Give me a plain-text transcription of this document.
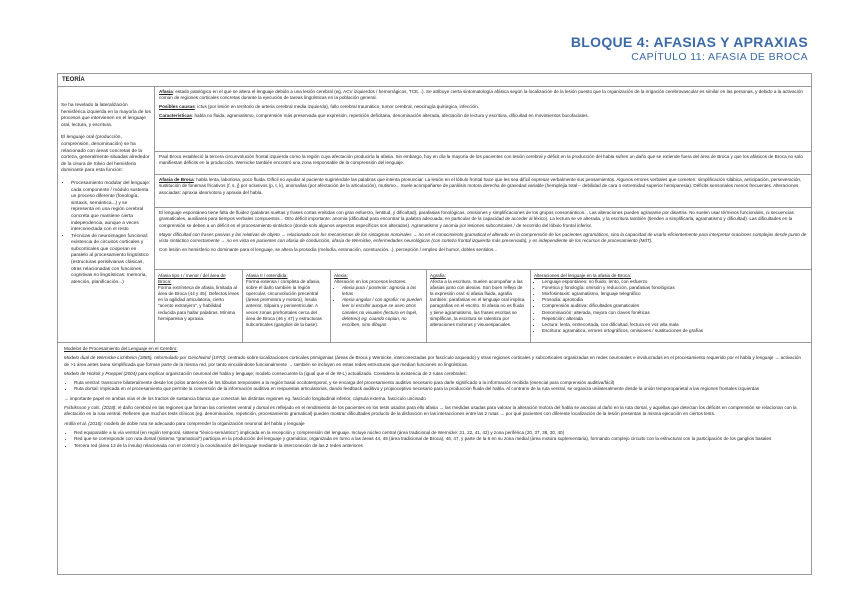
BLOQUE 4: AFASIAS Y APRAXIAS
CAPÍTULO 11: AFASIA DE BROCA
TEORÍA

Se ha revelado la lateralización hemisférica izquierda en la mayoría de los procesos que intervienen en el lenguaje oral, lectura, y escritura.

El lenguaje oral (producción, comprensión, denominación) se ha relacionado con áreas concretas de la corteza, generalmente situadas alrededor de la cisura de Silvio del hemisferio dominante para esta función:

• Procesamiento modular del lenguaje: cada componente / módulo sustenta un proceso diferente (fonología, sintaxis, semántica...) y se representa en una región cerebral concreta que mantiene cierta independencia, aunque a veces interconectada con el resto
• Técnicas de neuroimagen funcional: existencia de circuitos corticales y subcorticales que cooperan en paralelo al procesamiento lingüístico (estructuras perisilvianas clásicas, otras relacionadas con funciones cognitivas no lingüísticas: memoria, atención, planificación...)

Afasia: estado patológico en el que se altera el lenguaje debido a una lesión cerebral (eg. ACV izquierdos / hemorrágicos, TCE...). Se atribuye cierta sintomatología afásica según la localización de la lesión puesto que la organización de la irrigación cerebrovascular es similar en las personas, y debido a la activación común de regiones corticales concretas durante la ejecución de tareas lingüísticas en la población general.

Posibles causas: ictus (por lesión en territorio de arteria cerebral media izquierda), fallo cerebral traumático, tumor cerebral, neocirugía quirúrgica, infección.

Características: habla no fluida, agramatismo, comprensión más preservada que expresión, repetición deficitaria, denominación alterada, afectación de lectura y escritura, dificultad en movimientos bucofaciales.

Paul Broca estableció la tercera circunvolución frontal izquierda como la región cuya afectación produciría la afasia. Sin embargo, hoy en día la mayoría de los pacientes con lesión cerebral y déficit en la producción del habla sufren un daño que se extiende fuera del área de Broca y que los afásicos de Broca no solo manifiestan déficits en la producción. Wernicke también encontró una zona responsable de la comprensión del lenguaje.

Afasia de Broca: habla lenta, laboriosa, poco fluida. Difícil no ayudar al paciente sugiriéndole las palabras que intenta pronunciar. La lesión en el lóbulo frontal hace que les sea difícil expresar verbalmente sus pensamientos. Algunos errores verbales que cometen: simplificación silábica, anticipación, perseveración, sustitución de fonemas fricativos (f, s, j) por oclusivos (p, t, k), anomalías (por afectación de la articulación), mutismo... Suele acompañarse de parálisis motora derecha de gravedad variable (hemiplejia total – debilidad de cara o extremidad superior hemiparesia). Déficits sensoriales menos frecuentes. Alteraciones asociadas: apraxia ideomotora y apraxia del habla.

El lenguaje espontáneo tiene falta de fluidez (palabras sueltas y frases cortas emitidas con gran esfuerzo, lentitud, y dificultad), parafasias fonológicas, omisiones y simplificaciones de los grupos consonánticos... Las alteraciones pueden agravarse por disartria. No suelen usar términos funcionales, ni secuencias gramaticales, auxiliares para tiempos verbales compuestos... Otro déficit importante: anomia (dificultad para encontrar la palabra adecuada, en particular de la capacidad de acceder al léxico). La lectura se ve alterada, y la escritura también (tienden a simplificarla, agramatismo y dificultad). Las dificultades en la comprensión se deben a un déficit en el procesamiento sintáctico (donde solo algunos aspectos específicos son alterados). Agramatismo y anomia por lesiones subcorticales / de recorrido del lóbulo frontal inferior.

Mayor dificultad con frases pasivas y las relativas de objeto → relacionado con los mecanismos de los sintagmas nominales → no en el conocimiento gramatical el alterado en la comprensión de los pacientes agramáticos, sino la capacidad de usarlo eficientemente para interpretar oraciones complejas desde punto de vista sintáctico correctamente → no en vista en pacientes con afasia de conducción, afasia de Wernicke, enfermedades neurológicas (con corteza frontal izquierda más preservada), y es independiente de los recursos de procesamiento (MdT).

Con lesión en hemisferio no dominante para el lenguaje, se altera la prosodia (melodía, entonación, acentuación...), percepción / empleo del humor, dobles sentidos...

Afasia tipo I / menor / del área de Broca:
Forma extrínseca de afasia, limitada al área de Broca (44 y 45). Defectos leves en la agilidad articulatoria, cierto "acento extranjero", y habilidad reducida para hallar palabras. Mínima hemiparesia y apraxia.
Afasia II / extendida:
Forma extensa / completa de afasia, sobre el daño también la región opercular, circunvolución precentral (áreas premotora y motora), ínsula anterior, Silpaira y periventricular. A veces zonas prefrontales cerca del área de Broca (46 y 47) y estructuras subcorticales (ganglios de la base).
Alexia:
Alteración en los procesos lectores.
• Alexia pura / posterior: agnosia a las letras
• Alexia angular / con agrafia: no pueden leer ni escribir aunque se usen otros canales no visuales (lectura en lapel, deletreo) eg. cuando copian, no escriben, sino dibujan
Agrafia:
Afecta a la escritura. Suelen acompañar a las afasias junto con alexias. Son buen reflejo de la expresión oral: si afasia fluida, agrafia también; parafasias en el lenguaje oral implica paragrafias en el escrito. Si afasia no es fluida y tiene agramatismo, las frases escritas se simplifican, la escritura se ralentiza por alteraciones motoras y visuoespaciales.
Alteraciones del lenguaje en la afasia de Broca:
• Lenguaje espontáneo: no fluido, lento, con esfuerzo
• Fonética y fonología: omisión y reducción, parafasias fonológicas
• Morfosintaxis: agramatismo, lenguaje telegráfico
• Prosodia: aprosodia
• Comprensión auditiva: dificultades gramaticales
• Denominación: alterada, mejora con claves fonéticas
• Repetición: alterada
• Lectura: lenta, entrecortada, con dificultad, lectura en voz alta mala
• Escritura: agramática, errores ortográficos, omisiones / sustituciones de grafías

Modelos de Procesamiento del Lenguaje en el Cerebro:

Modelo dual de Wernicke-Lichtheim (1885), reformulado por Geschwind (1970): centrado sobre localizaciones corticales primigenias (áreas de Broca y Wernicke, interconectadas por fascículo arqueado) y otras regiones corticales y subcorticales organizadas en redes neuronales e involucradas en el procesamiento requerido por el habla y lenguaje → activación de >1 área antes tarea simplificada que forman parte de la misma red, por tanto vinculándose funcionalmente → también se incluyen en estas redes estructuras que median funciones no lingüísticas.

Modelo de Hickok y Poeppel (2004) para explicar organización neuronal del habla y lenguaje; modelo consecuente la (igual que el de W-L) actualizado. Considera la existencia de 2 rutas cerebrales:

• Ruta ventral: transcurre bilateralmente desde los polos anteriores de los lóbulos temporales a la región basal occitotemporal, y se encarga del procesamiento auditivo necesario para darle significado a la información recibida (esencial para comprensión auditiva/fácil)
• Ruta dorsal: implicada en el procesamiento que permite la conversión de la información auditiva en respuestas articulatorias, dando feedback auditivo y propioceptivo necesario para la producción fluida del habla. Al contrario de la ruta ventral, se organiza unilateralmente desde la unión temporoparietal a las regiones frontales izquierdas

→ importante papel en ambas vías el de los tractos de sustancia blanca que conectan las distintas regiones eg. fascículo longitudinal inferior, cápsula externa, fascículo uncinado

Fridriksson y cols. (2018): el daño cerebral en las regiones que forman las corrientes ventral y dorsal es reflejado en el rendimiento de los pacientes en los tests usados para ello afasia → las medidas usadas para valorar la alteración motora del habla se asocian al daño en la ruta dorsal, y aquellas que detectan los déficits en comprensión se relacionan con la afectación en la ruta ventral. Refieren que muchos tests clínicos (eg. denominación, repetición, procesamiento gramatical) pueden mostrar dificultades producto de la disfunción en las interacciones entre las 2 rutas → por qué pacientes con diferente localización de la lesión presentan la misma ejecución en ciertos tests.

Ardila et al. (2016): modelo de doble ruta se adecuado para comprender la organización neuronal del habla y lenguaje

• Red equiparable a la vía ventral (en región temporal, sistema "léxico-semántico") implicada en la recepción y comprensión del lenguaje. Incluye núcleo central (área tradicional de Wernicke: 21, 22, 41, 42) y zona periférica (20, 37, 38, 30, 40)
• Red que se corresponde con ruta dorsal (sistema "gramatical") participa en la producción del lenguaje y gramática; organizada en torno a las áreas 44, 45 (área tradicional de Broca), 46, 47, y parte de la 6 en su zona medial (área motora suplementaria), formando complejo circuito con la estructural con la participación de los ganglios basales
• Tercera red (área 13 de la ínsula) relacionada con el control y la coordinación del lenguaje mediante la interconexión de las 2 redes anteriores
